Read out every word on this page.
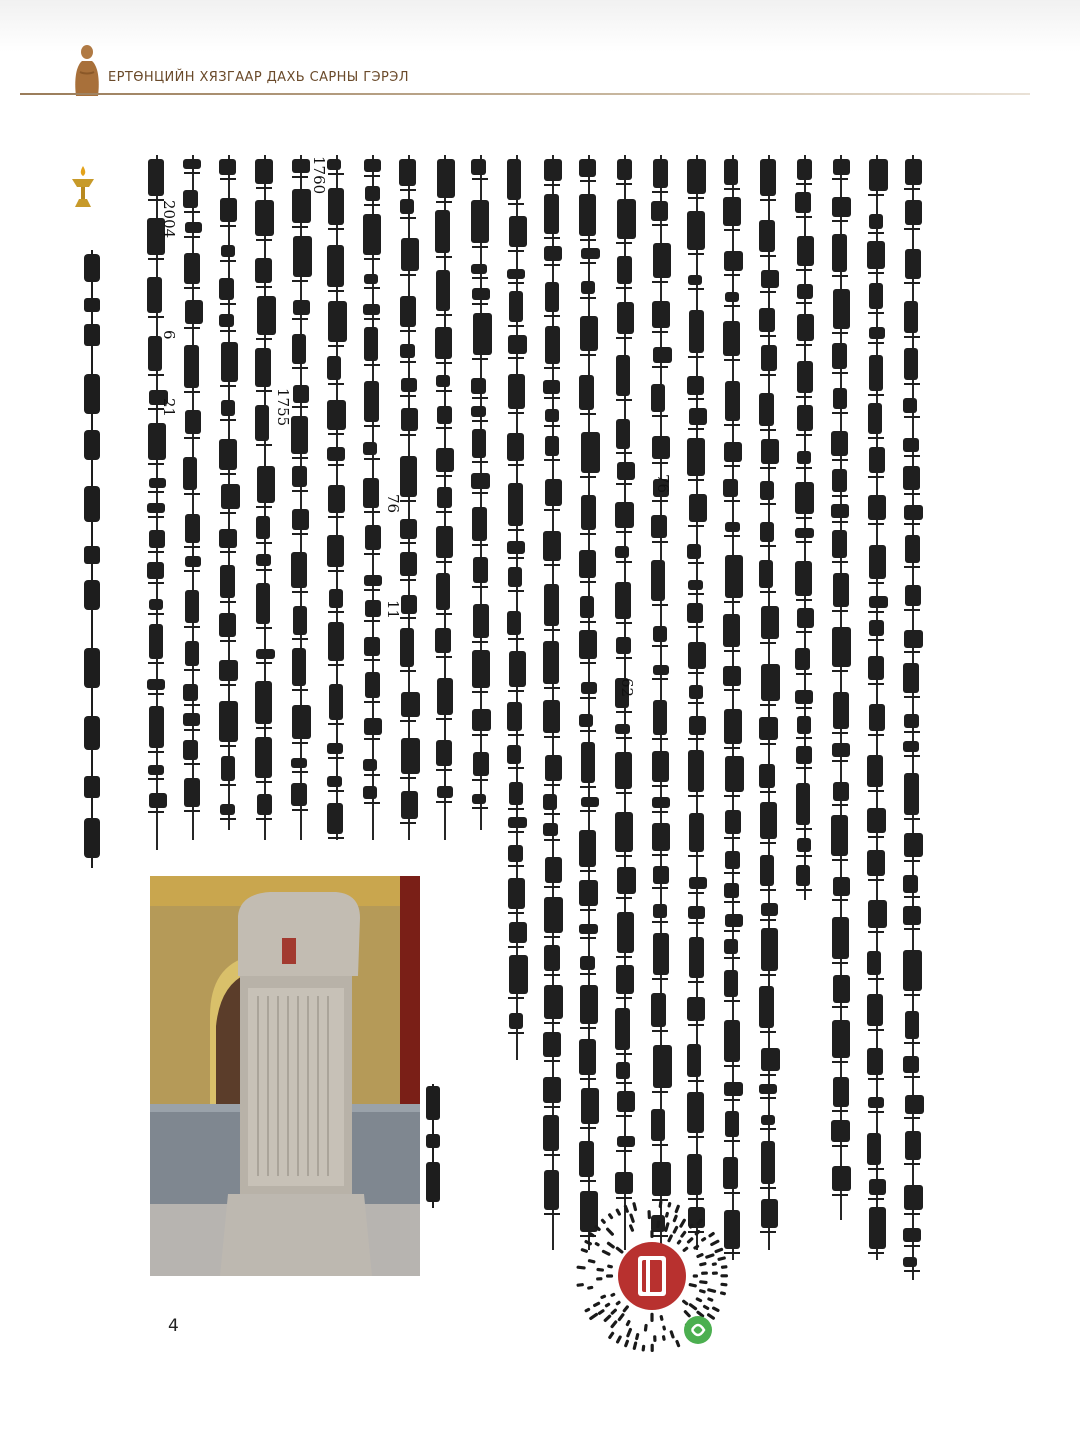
ЕРТӨНЦИЙН ХЯЗГААР ДАХЬ САРНЫ ГЭРЭЛ
76
62
76
11
1760
1755
2004
6
21
4
